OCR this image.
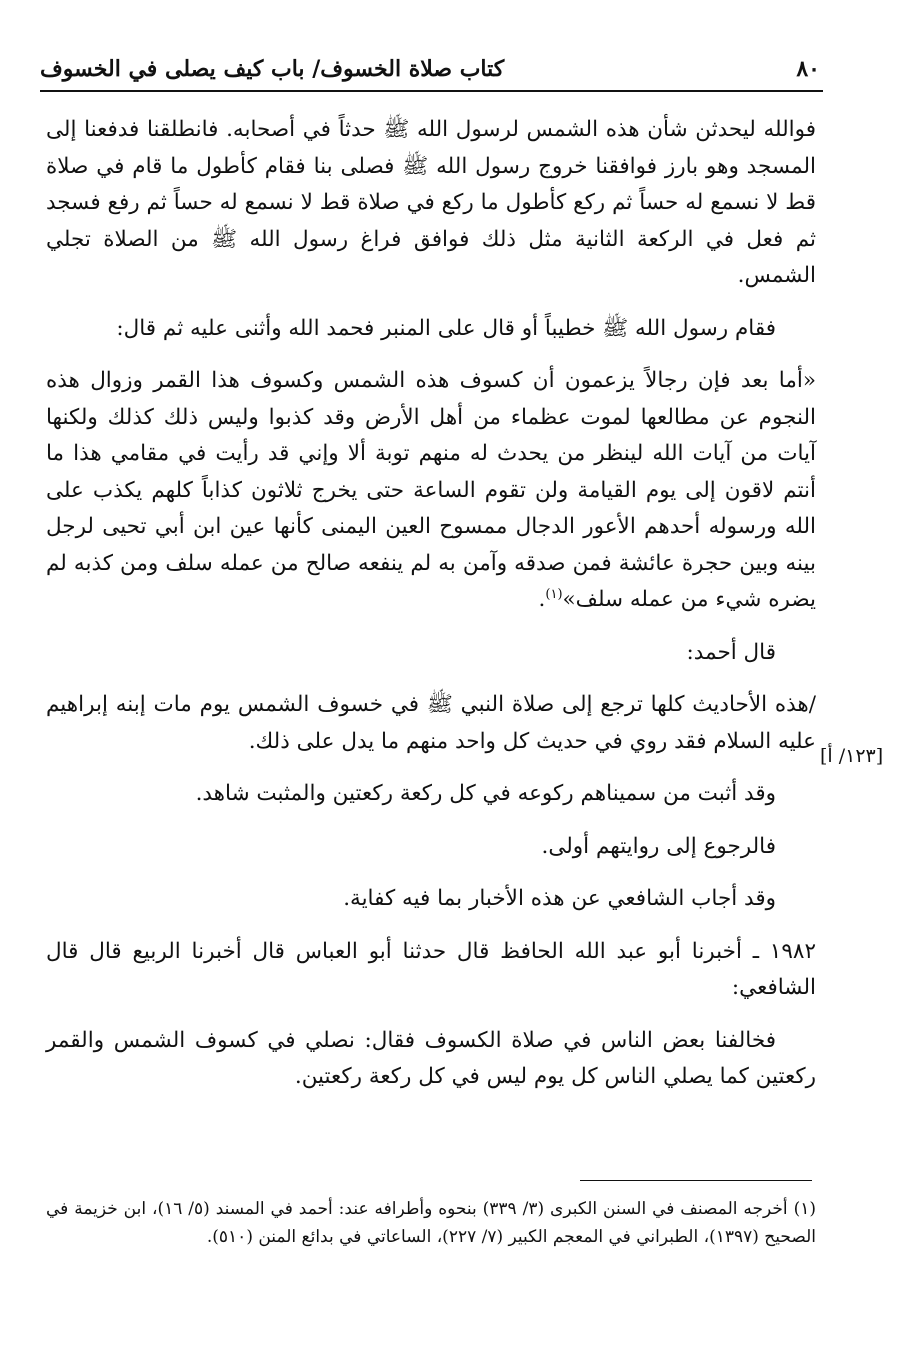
٨٠
كتاب صلاة الخسوف/ باب كيف يصلى في الخسوف
[١٢٣/ أ]

فوالله ليحدثن شأن هذه الشمس لرسول الله ﷺ حدثاً في أصحابه. فانطلقنا فدفعنا إلى المسجد وهو بارز فوافقنا خروج رسول الله ﷺ فصلى بنا فقام كأطول ما قام في صلاة قط لا نسمع له حساً ثم ركع كأطول ما ركع في صلاة قط لا نسمع له حساً ثم رفع فسجد ثم فعل في الركعة الثانية مثل ذلك فوافق فراغ رسول الله ﷺ من الصلاة تجلي الشمس.

فقام رسول الله ﷺ خطيباً أو قال على المنبر فحمد الله وأثنى عليه ثم قال:

«أما بعد فإن رجالاً يزعمون أن كسوف هذه الشمس وكسوف هذا القمر وزوال هذه النجوم عن مطالعها لموت عظماء من أهل الأرض وقد كذبوا وليس ذلك كذلك ولكنها آيات من آيات الله لينظر من يحدث له منهم توبة ألا وإني قد رأيت في مقامي هذا ما أنتم لاقون إلى يوم القيامة ولن تقوم الساعة حتى يخرج ثلاثون كذاباً كلهم يكذب على الله ورسوله أحدهم الأعور الدجال ممسوح العين اليمنى كأنها عين ابن أبي تحيى لرجل بينه وبين حجرة عائشة فمن صدقه وآمن به لم ينفعه صالح من عمله سلف ومن كذبه لم يضره شيء من عمله سلف»$^{(١)}$.

قال أحمد:

/هذه الأحاديث كلها ترجع إلى صلاة النبي ﷺ في خسوف الشمس يوم مات إبنه إبراهيم عليه السلام فقد روي في حديث كل واحد منهم ما يدل على ذلك.

وقد أثبت من سميناهم ركوعه في كل ركعة ركعتين والمثبت شاهد.

فالرجوع إلى روايتهم أولى.

وقد أجاب الشافعي عن هذه الأخبار بما فيه كفاية.

١٩٨٢ ـ أخبرنا أبو عبد الله الحافظ قال حدثنا أبو العباس قال أخبرنا الربيع قال قال الشافعي:

فخالفنا بعض الناس في صلاة الكسوف فقال: نصلي في كسوف الشمس والقمر ركعتين كما يصلي الناس كل يوم ليس في كل ركعة ركعتين.

(١) أخرجه المصنف في السنن الكبرى (٣/ ٣٣٩) بنحوه وأطرافه عند: أحمد في المسند (٥/ ١٦)، ابن خزيمة في الصحيح (١٣٩٧)، الطبراني في المعجم الكبير (٧/ ٢٢٧)، الساعاتي في بدائع المنن (٥١٠).
